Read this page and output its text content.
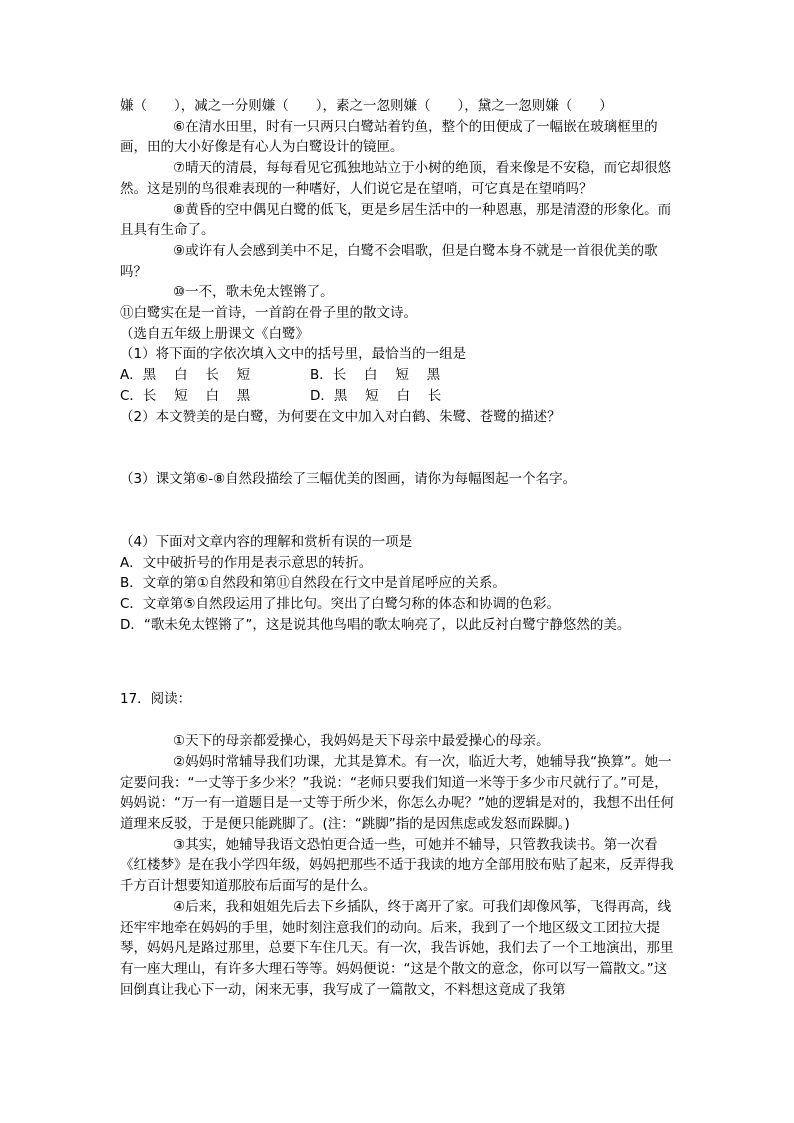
嫌（　　），减之一分则嫌（　　），素之一忽则嫌（　　），黛之一忽则嫌（　　）

⑥在清水田里，时有一只两只白鹭站着钓鱼，整个的田便成了一幅嵌在玻璃框里的画，田的大小好像是有心人为白鹭设计的镜匣。

⑦晴天的清晨，每每看见它孤独地站立于小树的绝顶，看来像是不安稳，而它却很悠然。这是别的鸟很难表现的一种嗜好，人们说它是在望哨，可它真是在望哨吗？

⑧黄昏的空中偶见白鹭的低飞，更是乡居生活中的一种恩惠，那是清澄的形象化。而且具有生命了。

⑨或许有人会感到美中不足，白鹭不会唱歌，但是白鹭本身不就是一首很优美的歌吗？

⑩一不，歌未免太铿锵了。

⑪白鹭实在是一首诗，一首韵在骨子里的散文诗。

（选自五年级上册课文《白鹭》

（1）将下面的字依次填入文中的括号里，最恰当的一组是

A．黑　 白 　长 　短	B．长　 白 　短 　黑

C．长　 短 　白 　黑	D．黑　 短 　白 　长

（2）本文赞美的是白鹭，为何要在文中加入对白鹤、朱鹭、苍鹭的描述？

（3）课文第⑥-⑧自然段描绘了三幅优美的图画，请你为每幅图起一个名字。

（4）下面对文章内容的理解和赏析有误的一项是

A．文中破折号的作用是表示意思的转折。

B．文章的第①自然段和第⑪自然段在行文中是首尾呼应的关系。

C．文章第⑤自然段运用了排比句。突出了白鹭匀称的体态和协调的色彩。

D．“歌未免太铿锵了”，这是说其他鸟唱的歌太响亮了，以此反衬白鹭宁静悠然的美。

17．阅读：

①天下的母亲都爱操心，我妈妈是天下母亲中最爱操心的母亲。

②妈妈时常辅导我们功课，尤其是算术。有一次，临近大考，她辅导我“换算”。她一定要问我：“一丈等于多少米？”我说：“老师只要我们知道一米等于多少市尺就行了。”可是，妈妈说：“万一有一道题目是一丈等于所少米，你怎么办呢？”她的逻辑是对的，我想不出任何道理来反驳，于是便只能跳脚了。(注：“跳脚”指的是因焦虑或发怒而跺脚。)

③其实，她辅导我语文恐怕更合适一些，可她并不辅导，只管教我读书。第一次看《红楼梦》是在我小学四年级，妈妈把那些不适于我读的地方全部用胶布贴了起来，反弄得我千方百计想要知道那胶布后面写的是什么。

④后来，我和姐姐先后去下乡插队，终于离开了家。可我们却像风筝，飞得再高，线还牢牢地牵在妈妈的手里，她时刻注意我们的动向。后来，我到了一个地区级文工团拉大提琴，妈妈凡是路过那里，总要下车住几天。有一次，我告诉她，我们去了一个工地演出，那里有一座大理山，有许多大理石等等。妈妈便说：“这是个散文的意念，你可以写一篇散文。”这回倒真让我心下一动，闲来无事，我写成了一篇散文，不料想这竟成了我第
